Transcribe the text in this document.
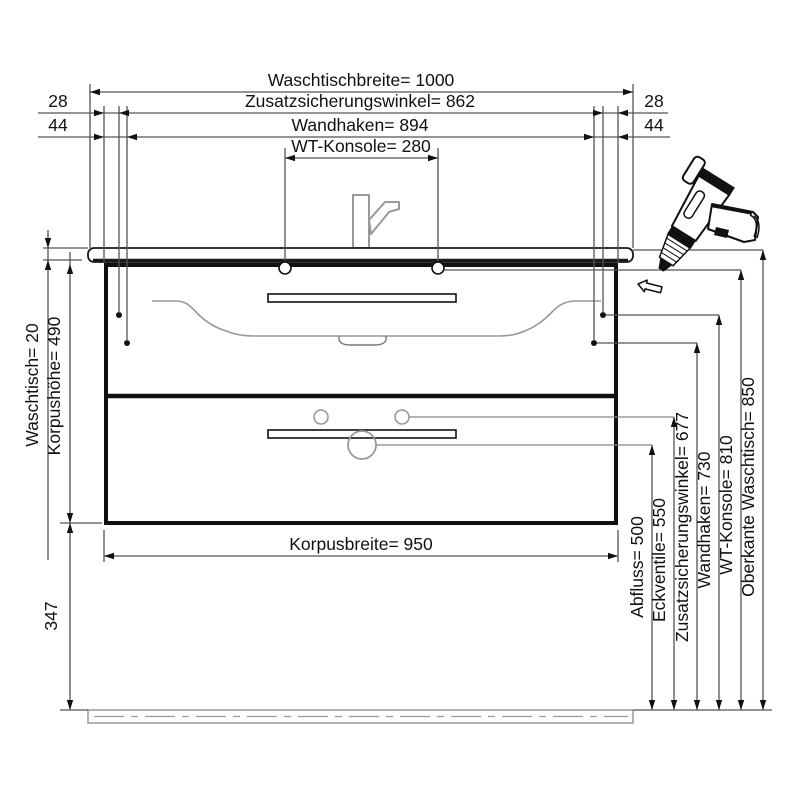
Waschtischbreite= 1000
28	Zusatzsicherungswinkel= 862	28
44	Wandhaken= 894	44
WT-Konsole= 280
Waschtisch= 20 Korpushöhe= 490
347
Korpusbreite= 950	Abfluss= 500 Eckventile= 550 Zusatzsicherungswinkel= 677 Wandhaken= 730 WT-Konsole= 810 Oberkante Waschtisch= 850
